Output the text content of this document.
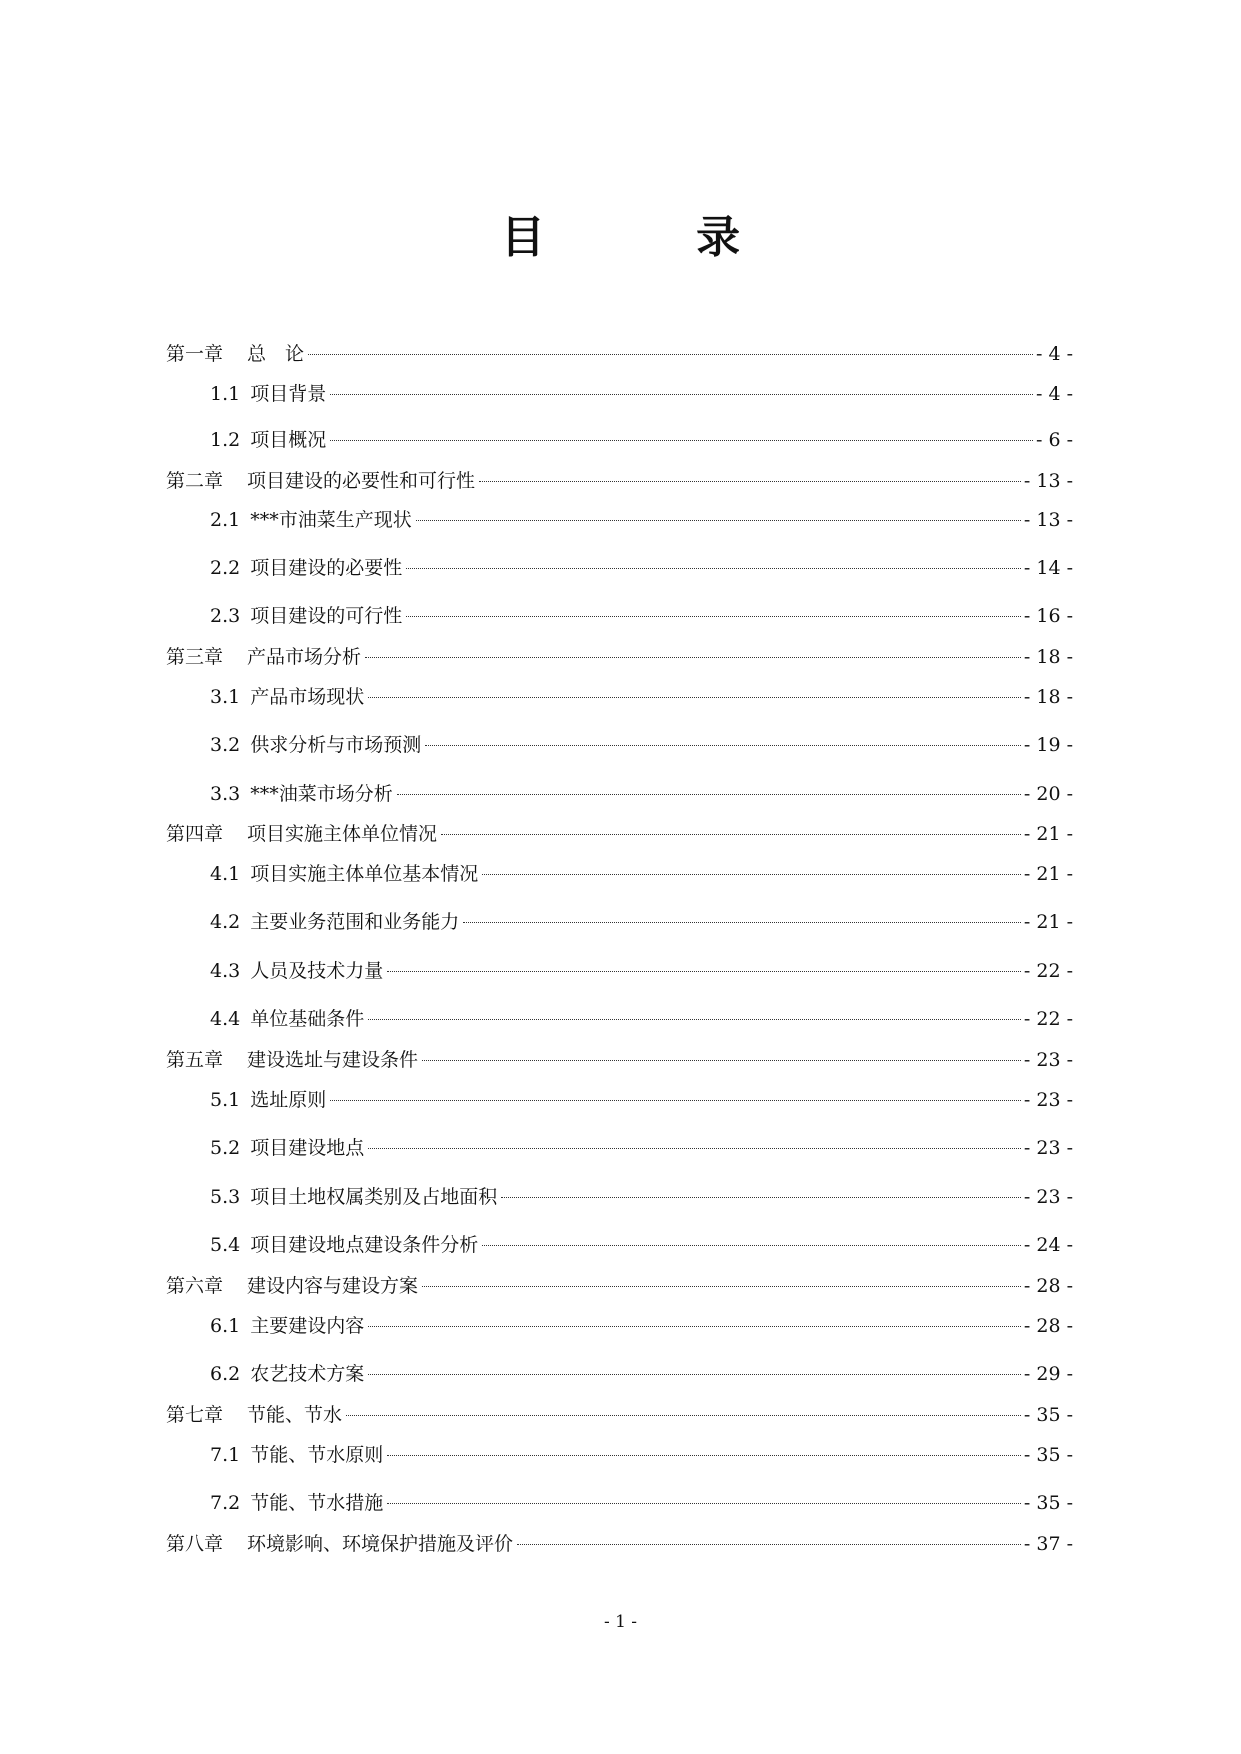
目 录
第一章 总　论	- 4 -
1.1 项目背景	- 4 -
1.2 项目概况	- 6 -
第二章 项目建设的必要性和可行性	- 13 -
2.1 ***市油菜生产现状	- 13 -
2.2 项目建设的必要性	- 14 -
2.3 项目建设的可行性	- 16 -
第三章 产品市场分析	- 18 -
3.1 产品市场现状	- 18 -
3.2 供求分析与市场预测	- 19 -
3.3 ***油菜市场分析	- 20 -
第四章 项目实施主体单位情况	- 21 -
4.1 项目实施主体单位基本情况	- 21 -
4.2 主要业务范围和业务能力	- 21 -
4.3 人员及技术力量	- 22 -
4.4 单位基础条件	- 22 -
第五章 建设选址与建设条件	- 23 -
5.1 选址原则	- 23 -
5.2 项目建设地点	- 23 -
5.3 项目土地权属类别及占地面积	- 23 -
5.4 项目建设地点建设条件分析	- 24 -
第六章 建设内容与建设方案	- 28 -
6.1 主要建设内容	- 28 -
6.2 农艺技术方案	- 29 -
第七章 节能、节水	- 35 -
7.1 节能、节水原则	- 35 -
7.2 节能、节水措施	- 35 -
第八章 环境影响、环境保护措施及评价	- 37 -
- 1 -
